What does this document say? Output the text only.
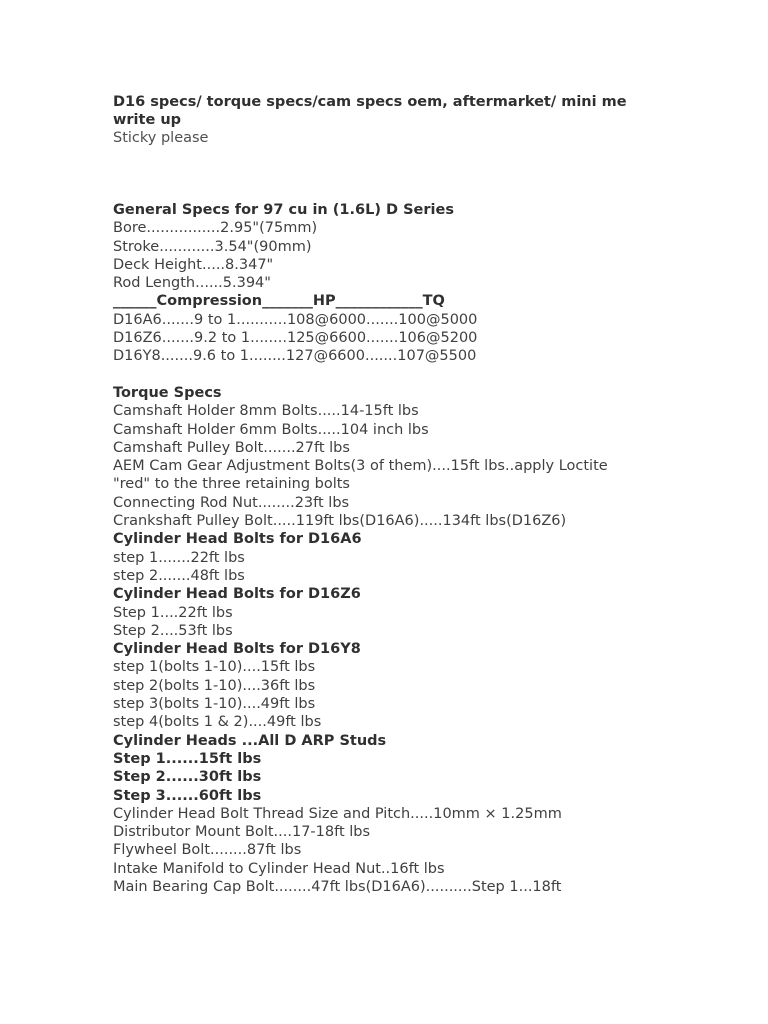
D16 specs/ torque specs/cam specs oem, aftermarket/ mini me
write up
Sticky please
General Specs for 97 cu in (1.6L) D Series
Bore................2.95"(75mm)
Stroke............3.54"(90mm)
Deck Height.....8.347"
Rod Length......5.394"
______Compression_______HP____________TQ
D16A6.......9 to 1...........108@6000.......100@5000
D16Z6.......9.2 to 1........125@6600.......106@5200
D16Y8.......9.6 to 1........127@6600.......107@5500
Torque Specs
Camshaft Holder 8mm Bolts.....14-15ft lbs
Camshaft Holder 6mm Bolts.....104 inch lbs
Camshaft Pulley Bolt.......27ft lbs
AEM Cam Gear Adjustment Bolts(3 of them)....15ft lbs..apply Loctite
"red" to the three retaining bolts
Connecting Rod Nut........23ft lbs
Crankshaft Pulley Bolt.....119ft lbs(D16A6).....134ft lbs(D16Z6)
Cylinder Head Bolts for D16A6
step 1.......22ft lbs
step 2.......48ft lbs
Cylinder Head Bolts for D16Z6
Step 1....22ft lbs
Step 2....53ft lbs
Cylinder Head Bolts for D16Y8
step 1(bolts 1-10)....15ft lbs
step 2(bolts 1-10)....36ft lbs
step 3(bolts 1-10)....49ft lbs
step 4(bolts 1 & 2)....49ft lbs
Cylinder Heads ...All D ARP Studs
Step 1......15ft lbs
Step 2......30ft lbs
Step 3......60ft lbs
Cylinder Head Bolt Thread Size and Pitch.....10mm × 1.25mm
Distributor Mount Bolt....17-18ft lbs
Flywheel Bolt........87ft lbs
Intake Manifold to Cylinder Head Nut..16ft lbs
Main Bearing Cap Bolt........47ft lbs(D16A6)..........Step 1...18ft
